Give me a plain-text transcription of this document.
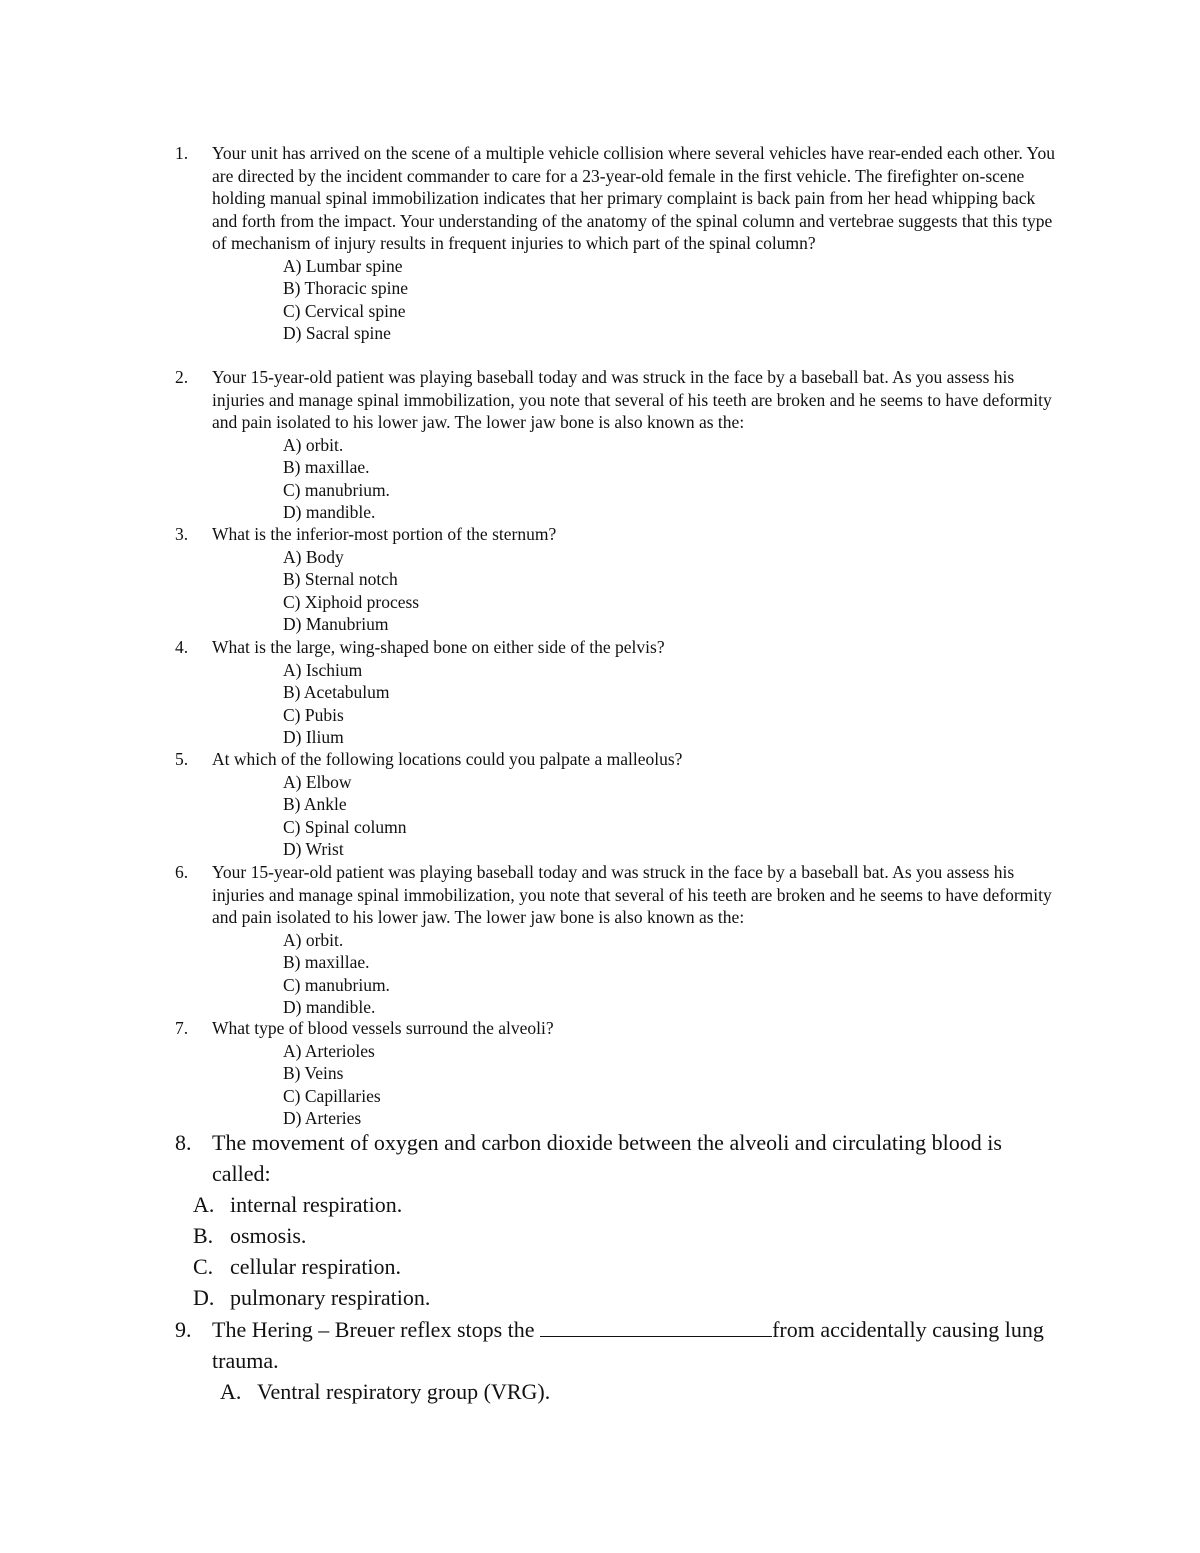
1. Your unit has arrived on the scene of a multiple vehicle collision where several vehicles have rear-ended each other. You are directed by the incident commander to care for a 23-year-old female in the first vehicle. The firefighter on-scene holding manual spinal immobilization indicates that her primary complaint is back pain from her head whipping back and forth from the impact. Your understanding of the anatomy of the spinal column and vertebrae suggests that this type of mechanism of injury results in frequent injuries to which part of the spinal column?
A) Lumbar spine
B) Thoracic spine
C) Cervical spine
D) Sacral spine
2. Your 15-year-old patient was playing baseball today and was struck in the face by a baseball bat. As you assess his injuries and manage spinal immobilization, you note that several of his teeth are broken and he seems to have deformity and pain isolated to his lower jaw. The lower jaw bone is also known as the:
A) orbit.
B) maxillae.
C) manubrium.
D) mandible.
3. What is the inferior-most portion of the sternum?
A) Body
B) Sternal notch
C) Xiphoid process
D) Manubrium
4. What is the large, wing-shaped bone on either side of the pelvis?
A) Ischium
B) Acetabulum
C) Pubis
D) Ilium
5. At which of the following locations could you palpate a malleolus?
A) Elbow
B) Ankle
C) Spinal column
D) Wrist
6. Your 15-year-old patient was playing baseball today and was struck in the face by a baseball bat. As you assess his injuries and manage spinal immobilization, you note that several of his teeth are broken and he seems to have deformity and pain isolated to his lower jaw. The lower jaw bone is also known as the:
A) orbit.
B) maxillae.
C) manubrium.
D) mandible.
7. What type of blood vessels surround the alveoli?
A) Arterioles
B) Veins
C) Capillaries
D) Arteries
8. The movement of oxygen and carbon dioxide between the alveoli and circulating blood is called:
A. internal respiration.
B. osmosis.
C. cellular respiration.
D. pulmonary respiration.
9. The Hering – Breuer reflex stops the	from accidentally causing lung trauma.
A. Ventral respiratory group (VRG).
